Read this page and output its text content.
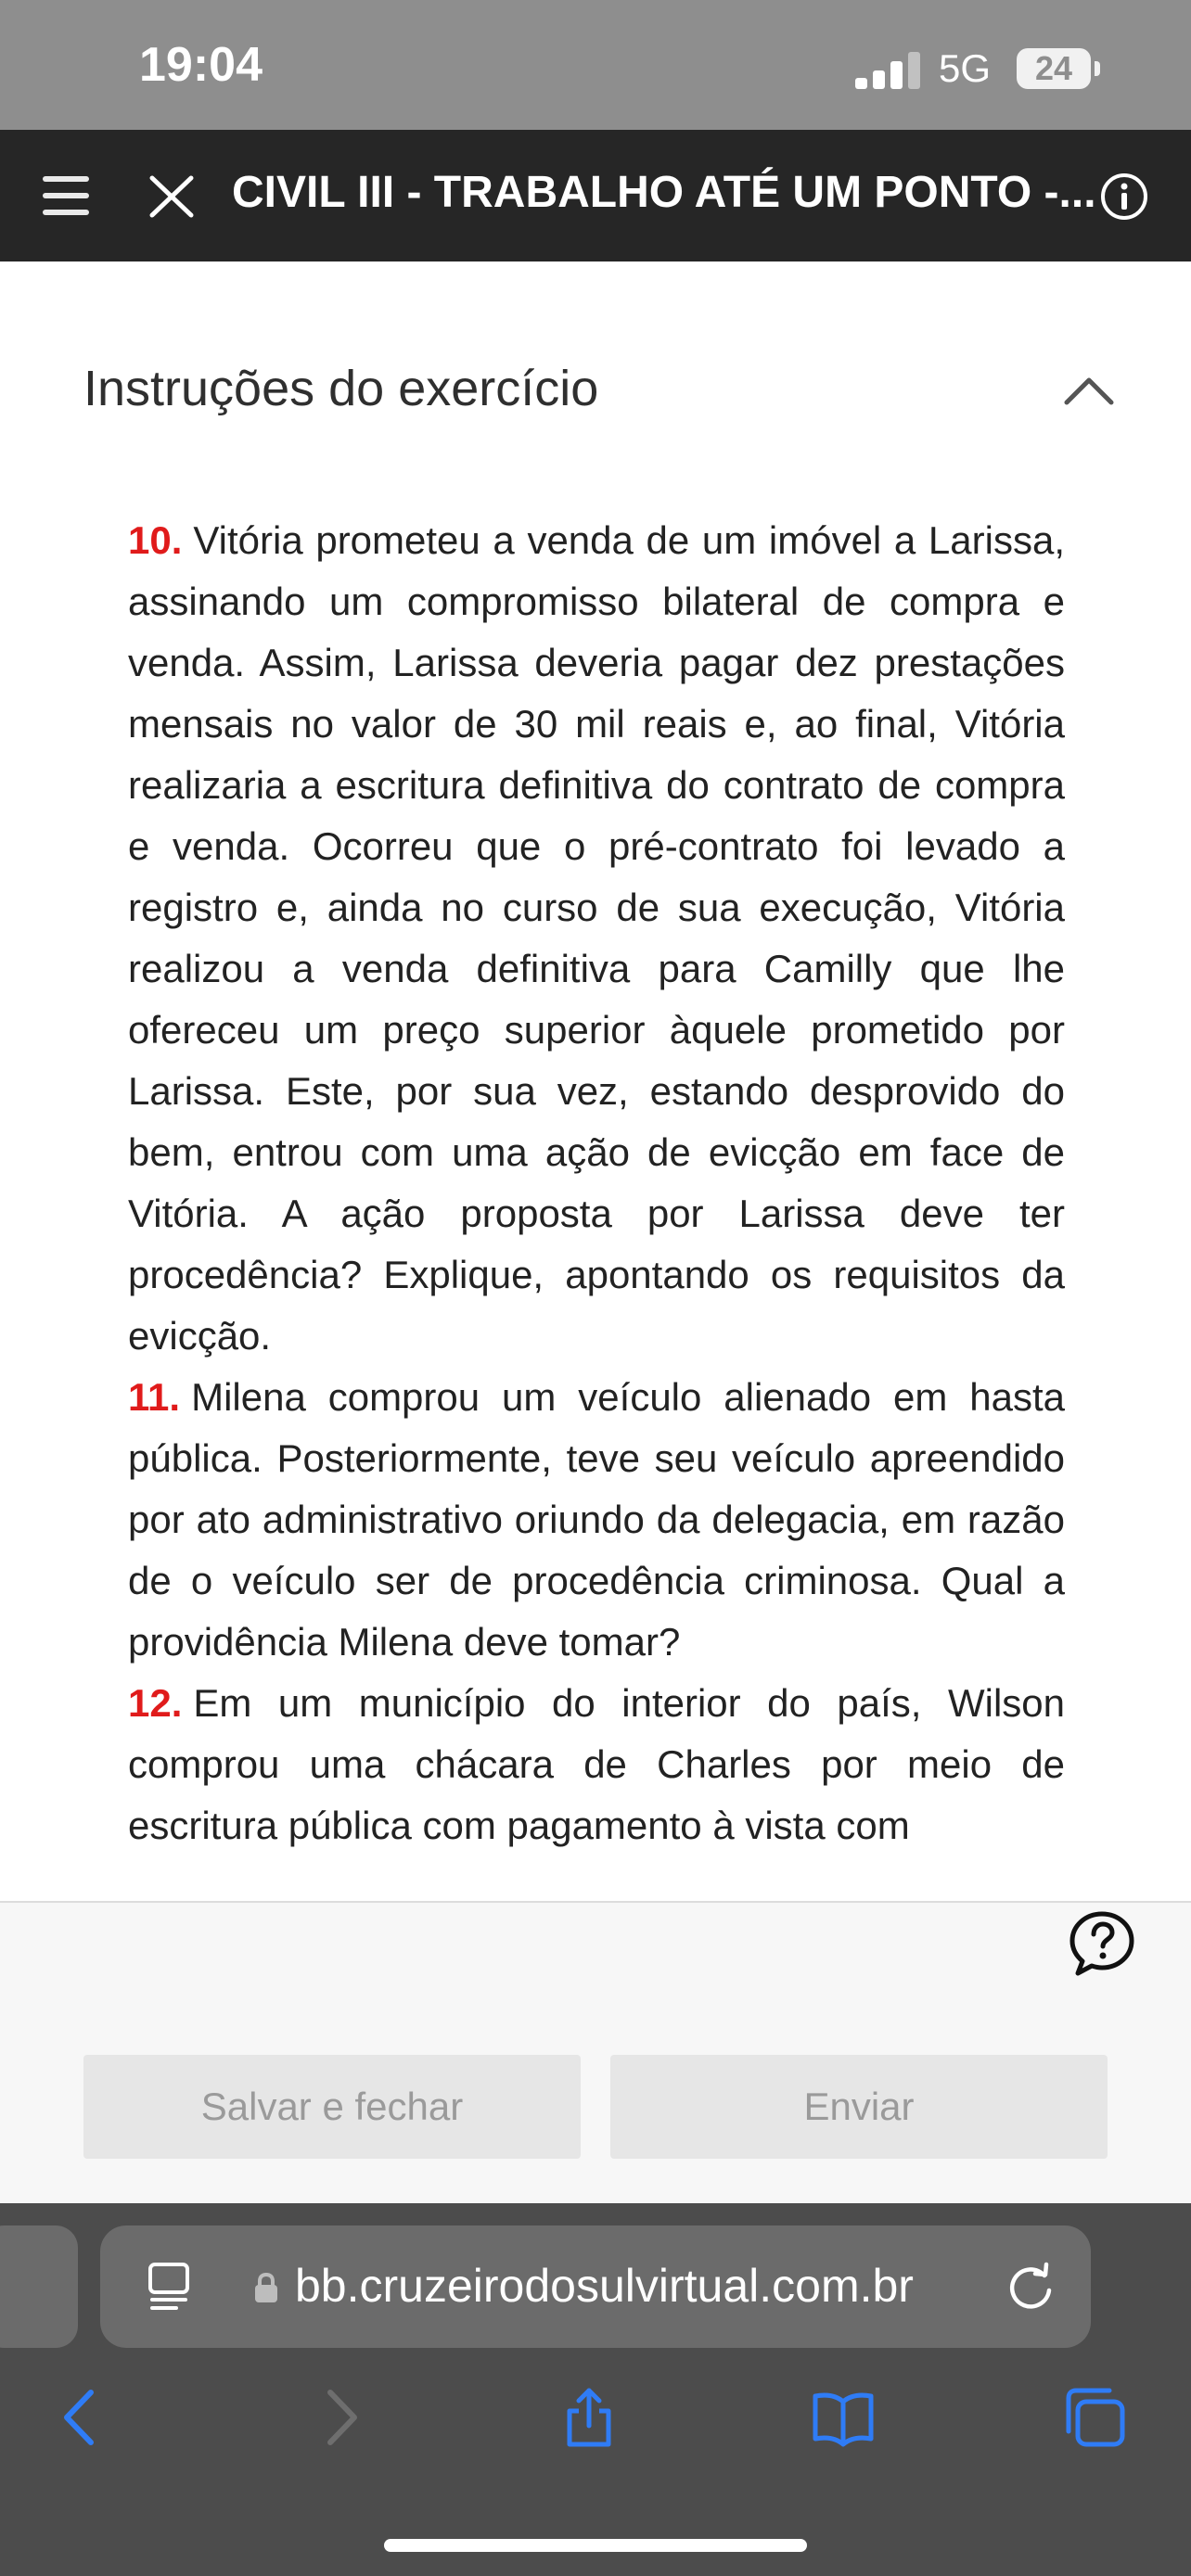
19:04	5G	24
CIVIL III - TRABALHO ATÉ UM PONTO -...
Instruções do exercício

10. Vitória prometeu a venda de um imóvel a Larissa, assinando um compromisso bilateral de compra e venda. Assim, Larissa deveria pagar dez prestações mensais no valor de 30 mil reais e, ao final, Vitória realizaria a escritura definitiva do contrato de compra e venda. Ocorreu que o pré-contrato foi levado a registro e, ainda no curso de sua execução, Vitória realizou a venda definitiva para Camilly que lhe ofereceu um preço superior àquele prometido por Larissa. Este, por sua vez, estando desprovido do bem, entrou com uma ação de evicção em face de Vitória. A ação proposta por Larissa deve ter procedência? Explique, apontando os requisitos da evicção.

11. Milena comprou um veículo alienado em hasta pública. Posteriormente, teve seu veículo apreendido por ato administrativo oriundo da delegacia, em razão de o veículo ser de procedência criminosa. Qual a providência Milena deve tomar?

12. Em um município do interior do país, Wilson comprou uma chácara de Charles por meio de escritura pública com pagamento à vista com

Salvar e fechar	Enviar
bb.cruzeirodosulvirtual.com.br
